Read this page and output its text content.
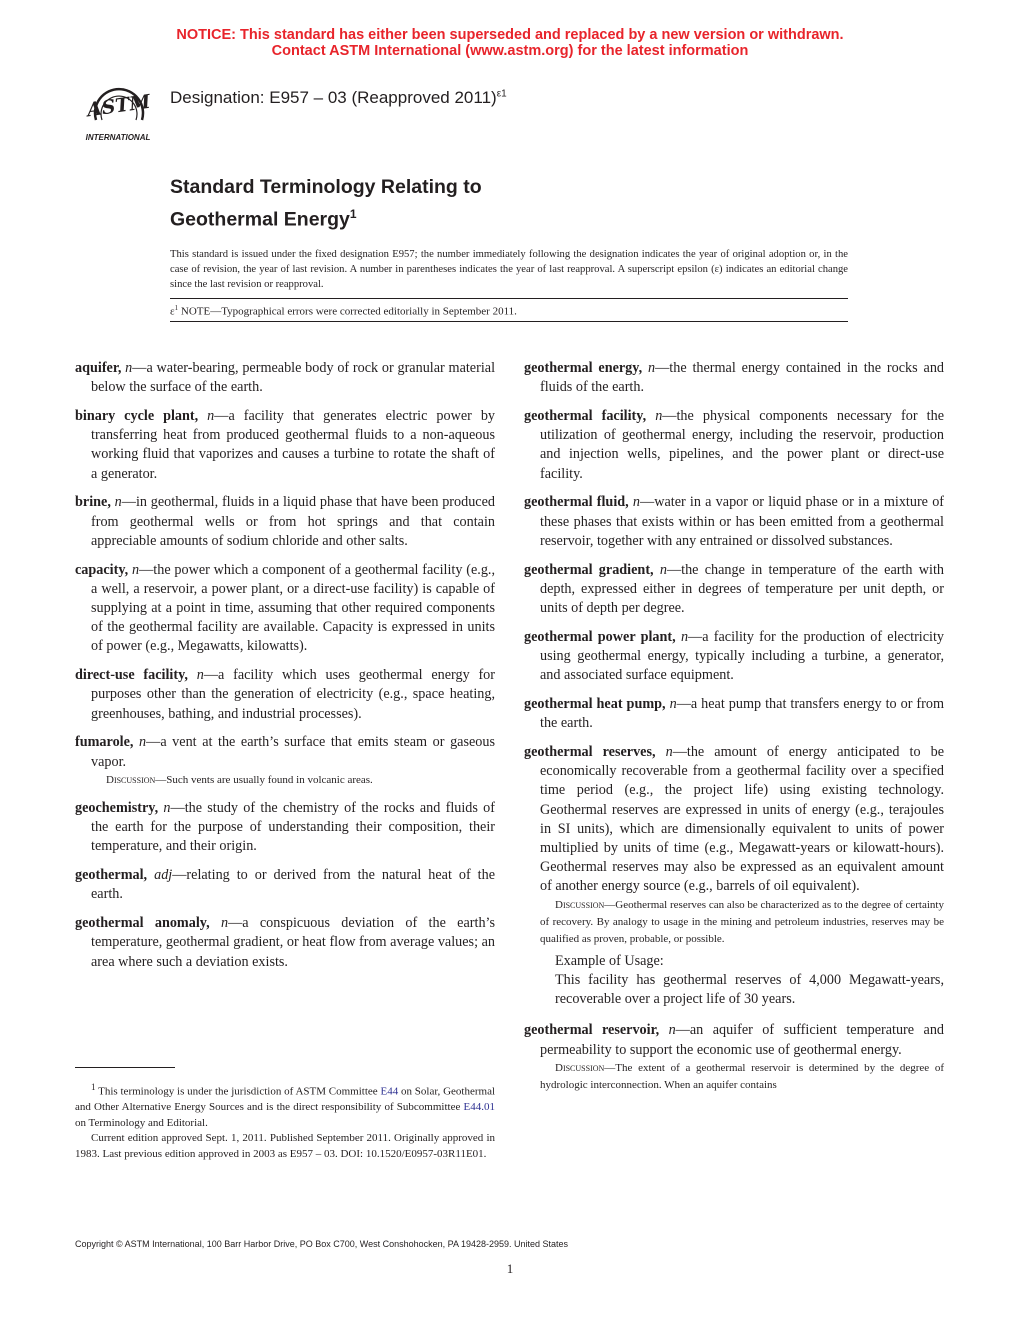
NOTICE: This standard has either been superseded and replaced by a new version or withdrawn.
Contact ASTM International (www.astm.org) for the latest information
ASTM
INTERNATIONAL
Designation: E957 – 03 (Reapproved 2011)$^{\varepsilon 1}$
Standard Terminology Relating to
Geothermal Energy$^1$
This standard is issued under the fixed designation E957; the number immediately following the designation indicates the year of original adoption or, in the case of revision, the year of last revision. A number in parentheses indicates the year of last reapproval. A superscript epsilon (ε) indicates an editorial change since the last revision or reapproval.
$\varepsilon^1$ NOTE—Typographical errors were corrected editorially in September 2011.

aquifer, n—a water-bearing, permeable body of rock or granular material below the surface of the earth.

binary cycle plant, n—a facility that generates electric power by transferring heat from produced geothermal fluids to a non-aqueous working fluid that vaporizes and causes a turbine to rotate the shaft of a generator.

brine, n—in geothermal, fluids in a liquid phase that have been produced from geothermal wells or from hot springs and that contain appreciable amounts of sodium chloride and other salts.

capacity, n—the power which a component of a geothermal facility (e.g., a well, a reservoir, a power plant, or a direct-use facility) is capable of supplying at a point in time, assuming that other required components of the geothermal facility are available. Capacity is expressed in units of power (e.g., Megawatts, kilowatts).

direct-use facility, n—a facility which uses geothermal energy for purposes other than the generation of electricity (e.g., space heating, greenhouses, bathing, and industrial processes).

fumarole, n—a vent at the earth’s surface that emits steam or gaseous vapor.

Discussion—Such vents are usually found in volcanic areas.

geochemistry, n—the study of the chemistry of the rocks and fluids of the earth for the purpose of understanding their composition, their temperature, and their origin.

geothermal, adj—relating to or derived from the natural heat of the earth.

geothermal anomaly, n—a conspicuous deviation of the earth’s temperature, geothermal gradient, or heat flow from average values; an area where such a deviation exists.

geothermal energy, n—the thermal energy contained in the rocks and fluids of the earth.

geothermal facility, n—the physical components necessary for the utilization of geothermal energy, including the reservoir, production and injection wells, pipelines, and the power plant or direct-use facility.

geothermal fluid, n—water in a vapor or liquid phase or in a mixture of these phases that exists within or has been emitted from a geothermal reservoir, together with any entrained or dissolved substances.

geothermal gradient, n—the change in temperature of the earth with depth, expressed either in degrees of temperature per unit depth, or units of depth per degree.

geothermal power plant, n—a facility for the production of electricity using geothermal energy, typically including a turbine, a generator, and associated surface equipment.

geothermal heat pump, n—a heat pump that transfers energy to or from the earth.

geothermal reserves, n—the amount of energy anticipated to be economically recoverable from a geothermal facility over a specified time period (e.g., the project life) using existing technology. Geothermal reserves are expressed in units of energy (e.g., terajoules in SI units), which are dimensionally equivalent to units of power multiplied by units of time (e.g., Megawatt-years or kilowatt-hours). Geothermal reserves may also be expressed as an equivalent amount of another energy source (e.g., barrels of oil equivalent).

Discussion—Geothermal reserves can also be characterized as to the degree of certainty of recovery. By analogy to usage in the mining and petroleum industries, reserves may be qualified as proven, probable, or possible.

Example of Usage:
This facility has geothermal reserves of 4,000 Megawatt-years, recoverable over a project life of 30 years.

geothermal reservoir, n—an aquifer of sufficient temperature and permeability to support the economic use of geothermal energy.

Discussion—The extent of a geothermal reservoir is determined by the degree of hydrologic interconnection. When an aquifer contains

$^1$ This terminology is under the jurisdiction of ASTM Committee E44 on Solar, Geothermal and Other Alternative Energy Sources and is the direct responsibility of Subcommittee E44.01 on Terminology and Editorial.

Current edition approved Sept. 1, 2011. Published September 2011. Originally approved in 1983. Last previous edition approved in 2003 as E957 – 03. DOI: 10.1520/E0957-03R11E01.

Copyright © ASTM International, 100 Barr Harbor Drive, PO Box C700, West Conshohocken, PA 19428-2959. United States
1
